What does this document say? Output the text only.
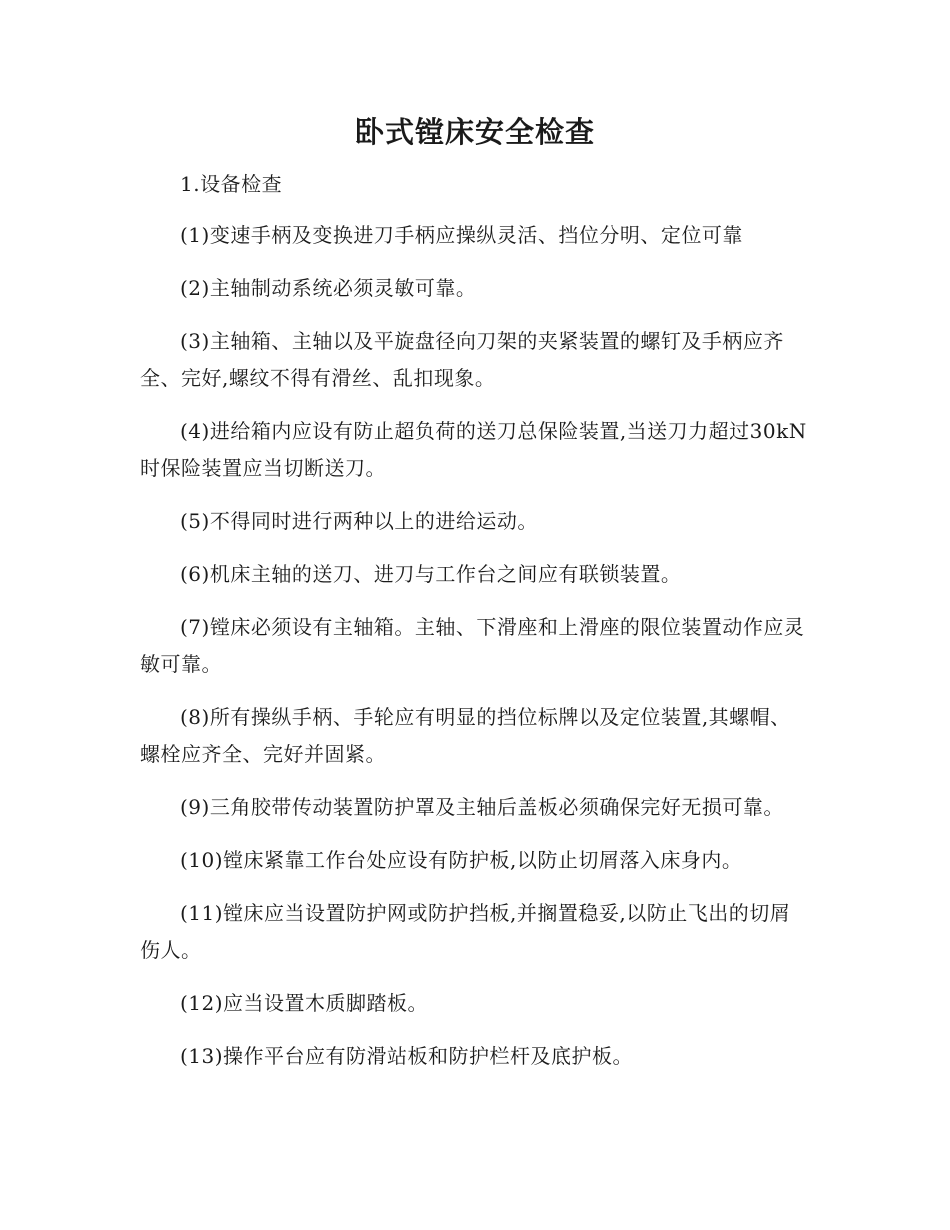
卧式镗床安全检查

1.设备检查

(1)变速手柄及变换进刀手柄应操纵灵活、挡位分明、定位可靠

(2)主轴制动系统必须灵敏可靠。

(3)主轴箱、主轴以及平旋盘径向刀架的夹紧装置的螺钉及手柄应齐全、完好,螺纹不得有滑丝、乱扣现象。

(4)进给箱内应设有防止超负荷的送刀总保险装置,当送刀力超过30kN时保险装置应当切断送刀。

(5)不得同时进行两种以上的进给运动。

(6)机床主轴的送刀、进刀与工作台之间应有联锁装置。

(7)镗床必须设有主轴箱。主轴、下滑座和上滑座的限位装置动作应灵敏可靠。

(8)所有操纵手柄、手轮应有明显的挡位标牌以及定位装置,其螺帽、螺栓应齐全、完好并固紧。

(9)三角胶带传动装置防护罩及主轴后盖板必须确保完好无损可靠。

(10)镗床紧靠工作台处应设有防护板,以防止切屑落入床身内。

(11)镗床应当设置防护网或防护挡板,并搁置稳妥,以防止飞出的切屑伤人。

(12)应当设置木质脚踏板。

(13)操作平台应有防滑站板和防护栏杆及底护板。
